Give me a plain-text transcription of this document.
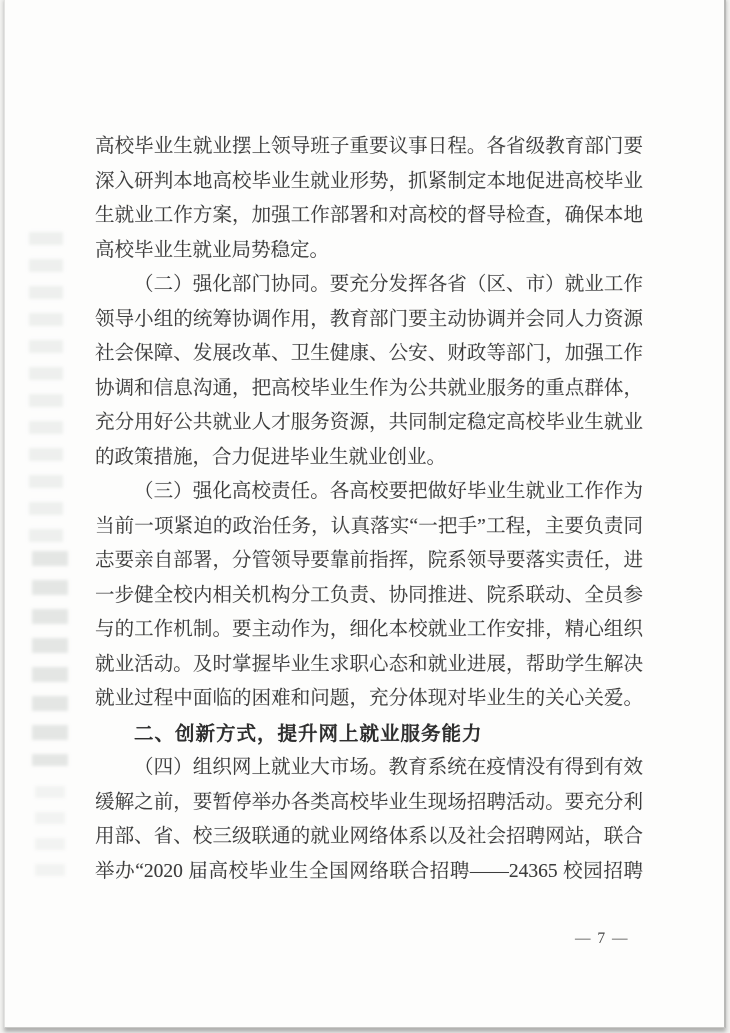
高校毕业生就业摆上领导班子重要议事日程。各省级教育部门要
深入研判本地高校毕业生就业形势，抓紧制定本地促进高校毕业
生就业工作方案，加强工作部署和对高校的督导检查，确保本地
高校毕业生就业局势稳定。
（二）强化部门协同。要充分发挥各省（区、市）就业工作
领导小组的统筹协调作用，教育部门要主动协调并会同人力资源
社会保障、发展改革、卫生健康、公安、财政等部门，加强工作
协调和信息沟通，把高校毕业生作为公共就业服务的重点群体，
充分用好公共就业人才服务资源，共同制定稳定高校毕业生就业
的政策措施，合力促进毕业生就业创业。
（三）强化高校责任。各高校要把做好毕业生就业工作作为
当前一项紧迫的政治任务，认真落实“一把手”工程，主要负责同
志要亲自部署，分管领导要靠前指挥，院系领导要落实责任，进
一步健全校内相关机构分工负责、协同推进、院系联动、全员参
与的工作机制。要主动作为，细化本校就业工作安排，精心组织
就业活动。及时掌握毕业生求职心态和就业进展，帮助学生解决
就业过程中面临的困难和问题，充分体现对毕业生的关心关爱。
二、创新方式，提升网上就业服务能力
（四）组织网上就业大市场。教育系统在疫情没有得到有效
缓解之前，要暂停举办各类高校毕业生现场招聘活动。要充分利
用部、省、校三级联通的就业网络体系以及社会招聘网站，联合
举办“2020 届高校毕业生全国网络联合招聘——24365 校园招聘
— 7 —
